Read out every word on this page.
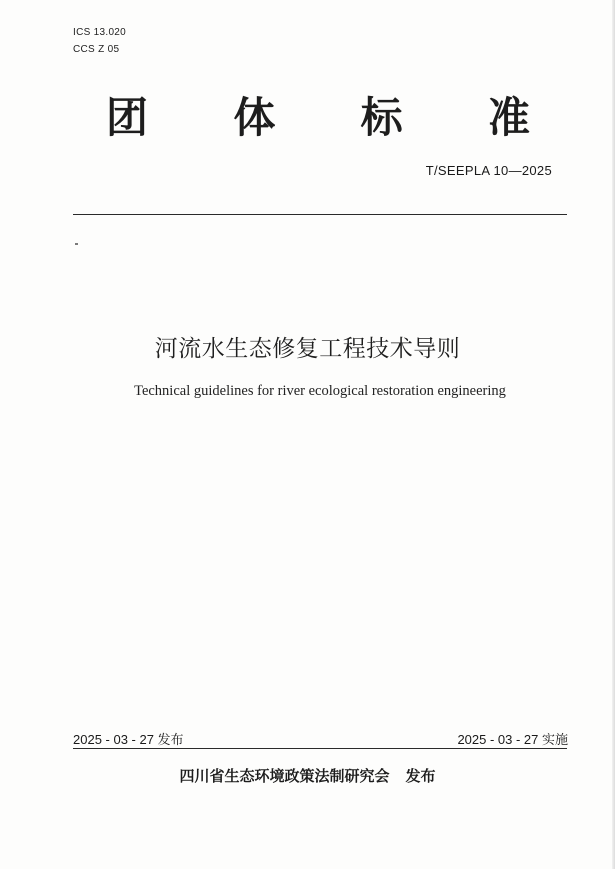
ICS 13.020
CCS Z 05
团 体 标 准
T/SEEPLA 10—2025
河流水生态修复工程技术导则
Technical guidelines for river ecological restoration engineering
2025 - 03 - 27 发布	2025 - 03 - 27 实施
四川省生态环境政策法制研究会 发布
